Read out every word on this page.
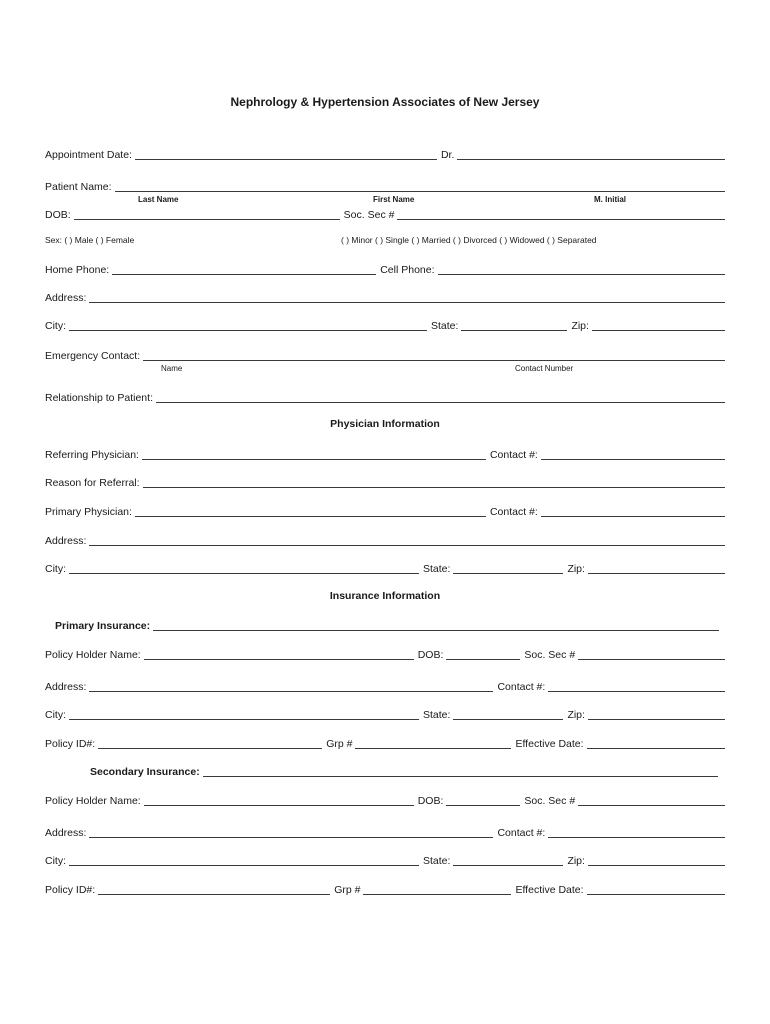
Nephrology & Hypertension Associates of New Jersey
Appointment Date:	Dr.
Patient Name:
Last Name	First Name	M. Initial
DOB:	Soc. Sec #
Sex: ( ) Male ( ) Female	( ) Minor ( ) Single ( ) Married ( ) Divorced ( ) Widowed ( ) Separated
Home Phone:	Cell Phone:
Address:
City:	State:	Zip:
Emergency Contact:
Name	Contact Number
Relationship to Patient:
Physician Information
Referring Physician:	Contact #:
Reason for Referral:
Primary Physician:	Contact #:
Address:
City:	State:	Zip:
Insurance Information
Primary Insurance:
Policy Holder Name:	DOB:	Soc. Sec #
Address:	Contact #:
City:	State:	Zip:
Policy ID#:	Grp #	Effective Date:
Secondary Insurance:
Policy Holder Name:	DOB:	Soc. Sec #
Address:	Contact #:
City:	State:	Zip:
Policy ID#:	Grp #	Effective Date:
